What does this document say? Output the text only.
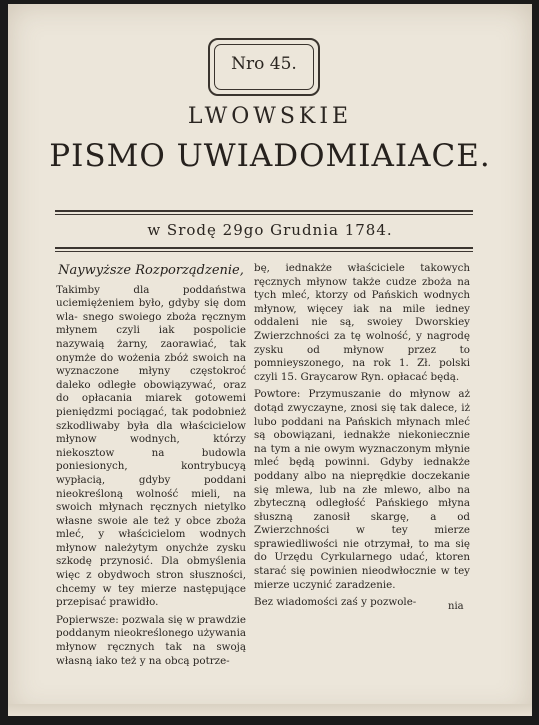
Nro 45.
LWOWSKIE
PISMO UWIADOMIAIACE.
w Srodę 29go Grudnia 1784.

Naywyższe Rozporządzenie,

Takimby dla poddaństwa uciemiężeniem było, gdyby się dom wla- snego swoiego zboża ręcznym młynem czyli iak pospolicie nazywaią żarny, zaorawiać, tak onymże do wożenia zbóż swoich na wyznaczone młyny częstokroć daleko odległe obowiązywać, oraz do opłacania miarek gotowemi pieniędzmi pociągać, tak podobnież szkodliwaby była dla właścicielow młynow wodnych, którzy niekosztow na budowla poniesionych, kontrybucyą wypłacią, gdyby poddani nieokreśloną wolność mieli, na swoich młynach ręcznych nietylko własne swoie ale też y obce zboża mleć, y właścicielom wodnych młynow należytym onychże zysku szkodę przynosić. Dla obmyślenia więc z obydwoch stron słuszności, chcemy w tey mierze następujące przepisać prawidło.

Popierwsze: pozwala się w prawdzie poddanym nieokreślonego używania młynow ręcznych tak na swoją własną iako też y na obcą potrze-

bę, iednakże właściciele takowych ręcznych młynow także cudze zboża na tych mleć, ktorzy od Pańskich wodnych młynow, więcey iak na mile iedney oddaleni nie są, swoiey Dworskiey Zwierzchności za tę wolność, y nagrodę zysku od młynow przez to pomnieyszonego, na rok 1. Zł. polski czyli 15. Graycarow Ryn. opłacać będą.

Powtore: Przymuszanie do młynow aż dotąd zwyczayne, znosi się tak dalece, iż lubo poddani na Pańskich młynach mleć są obowiązani, iednakże niekoniecznie na tym a nie owym wyznaczonym młynie mleć będą powinni. Gdyby iednakże poddany albo na nieprędkie doczekanie się mlewa, lub na złe mlewo, albo na zbyteczną odległość Pańskiego młyna słuszną zanosił skargę, a od Zwierzchności w tey mierze sprawiedliwości nie otrzymał, to ma się do Urzędu Cyrkularnego udać, ktoren starać się powinien nieodwłocznie w tey mierze uczynić zaradzenie.

Bez wiadomości zaś y pozwole-	nia
